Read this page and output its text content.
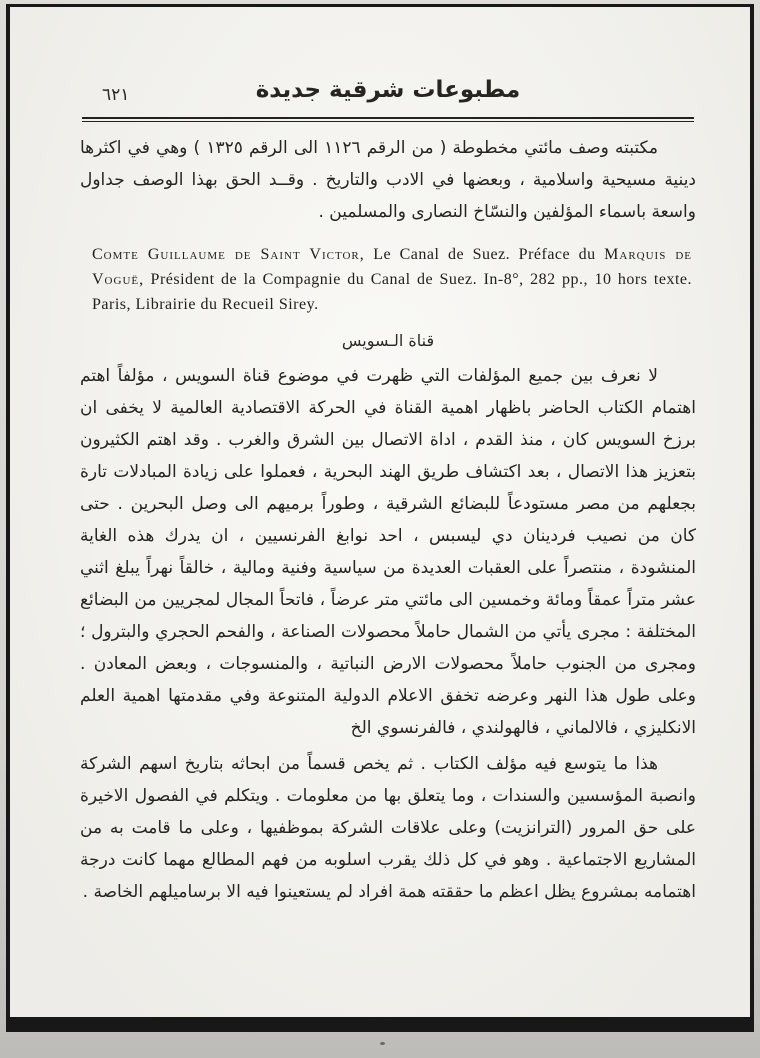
٦٢١	مطبوعات شرقية جديدة

مكتبته وصف مائتي مخطوطة ( من الرقم ١١٢٦ الى الرقم ١٣٢٥ ) وهي في اكثرها دينية مسيحية واسلامية ، وبعضها في الادب والتاريخ . وقــد الحق بهذا الوصف جداول واسعة باسماء المؤلفين والنسّاخ النصارى والمسلمين .

Comte Guillaume de Saint Victor, Le Canal de Suez. Préface du Marquis de Voguë, Président de la Compagnie du Canal de Suez. In-8°, 282 pp., 10 hors texte. Paris, Librairie du Recueil Sirey.

قناة الـسويس

لا نعرف بين جميع المؤلفات التي ظهرت في موضوع قناة السويس ، مؤلفاً اهتم اهتمام الكتاب الحاضر باظهار اهمية القناة في الحركة الاقتصادية العالمية لا يخفى ان برزخ السويس كان ، منذ القدم ، اداة الاتصال بين الشرق والغرب . وقد اهتم الكثيرون بتعزيز هذا الاتصال ، بعد اكتشاف طريق الهند البحرية ، فعملوا على زيادة المبادلات تارة بجعلهم من مصر مستودعاً للبضائع الشرقية ، وطوراً برميهم الى وصل البحرين . حتى كان من نصيب فردينان دي ليسبس ، احد نوابغ الفرنسيين ، ان يدرك هذه الغاية المنشودة ، منتصراً على العقبات العديدة من سياسية وفنية ومالية ، خالقاً نهراً يبلغ اثني عشر متراً عمقاً ومائة وخمسين الى مائتي متر عرضاً ، فاتحاً المجال لمجريين من البضائع المختلفة : مجرى يأتي من الشمال حاملاً محصولات الصناعة ، والفحم الحجري والبترول ؛ ومجرى من الجنوب حاملاً محصولات الارض النباتية ، والمنسوجات ، وبعض المعادن . وعلى طول هذا النهر وعرضه تخفق الاعلام الدولية المتنوعة وفي مقدمتها اهمية العلم الانكليزي ، فالالماني ، فالهولندي ، فالفرنسوي الخ

هذا ما يتوسع فيه مؤلف الكتاب . ثم يخص قسماً من ابحاثه بتاريخ اسهم الشركة وانصبة المؤسسين والسندات ، وما يتعلق بها من معلومات . ويتكلم في الفصول الاخيرة على حق المرور (الترانزيت) وعلى علاقات الشركة بموظفيها ، وعلى ما قامت به من المشاريع الاجتماعية . وهو في كل ذلك يقرب اسلوبه من فهم المطالع مهما كانت درجة اهتمامه بمشروع يظل اعظم ما حققته همة افراد لم يستعينوا فيه الا برساميلهم الخاصة .
